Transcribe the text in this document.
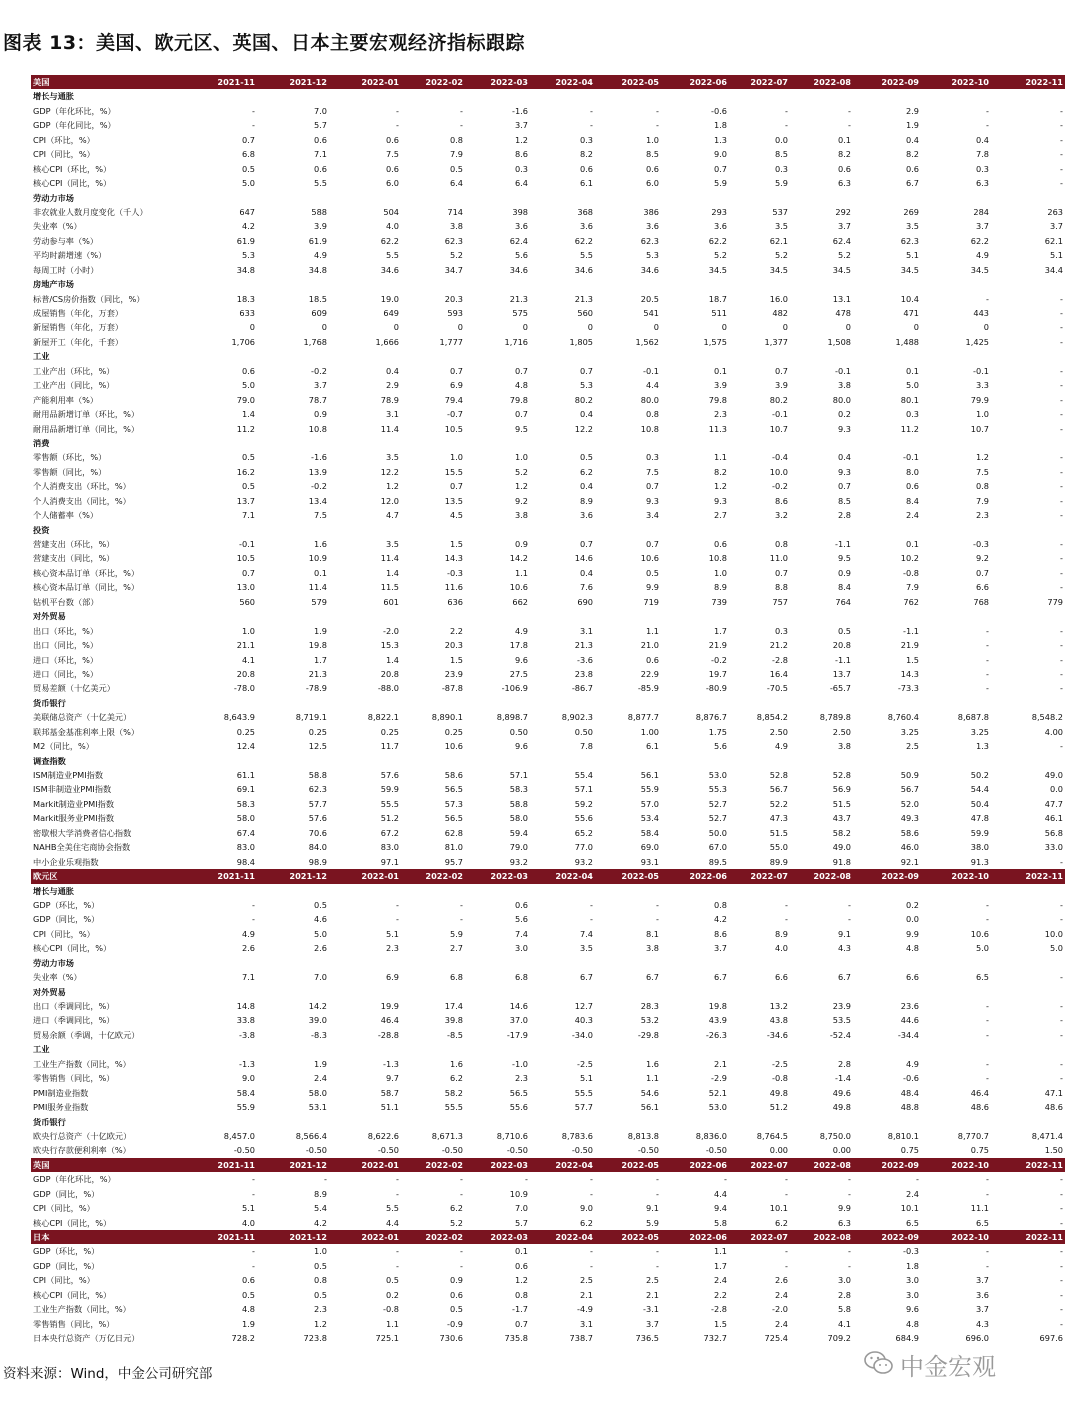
图表 13：美国、欧元区、英国、日本主要宏观经济指标跟踪
美国	2021-11	2021-12	2022-01	2022-02	2022-03	2022-04	2022-05	2022-06	2022-07	2022-08	2022-09	2022-10	2022-11
增长与通胀
GDP（年化环比，%）	-	7.0	-	-	-1.6	-	-	-0.6	-	-	2.9	-	-
GDP（年化同比，%）	-	5.7	-	-	3.7	-	-	1.8	-	-	1.9	-	-
CPI（环比，%）	0.7	0.6	0.6	0.8	1.2	0.3	1.0	1.3	0.0	0.1	0.4	0.4	-
CPI（同比，%）	6.8	7.1	7.5	7.9	8.6	8.2	8.5	9.0	8.5	8.2	8.2	7.8	-
核心CPI（环比，%）	0.5	0.6	0.6	0.5	0.3	0.6	0.6	0.7	0.3	0.6	0.6	0.3	-
核心CPI（同比，%）	5.0	5.5	6.0	6.4	6.4	6.1	6.0	5.9	5.9	6.3	6.7	6.3	-
劳动力市场
非农就业人数月度变化（千人）	647	588	504	714	398	368	386	293	537	292	269	284	263
失业率（%）	4.2	3.9	4.0	3.8	3.6	3.6	3.6	3.6	3.5	3.7	3.5	3.7	3.7
劳动参与率（%）	61.9	61.9	62.2	62.3	62.4	62.2	62.3	62.2	62.1	62.4	62.3	62.2	62.1
平均时薪增速（%）	5.3	4.9	5.5	5.2	5.6	5.5	5.3	5.2	5.2	5.2	5.1	4.9	5.1
每周工时（小时）	34.8	34.8	34.6	34.7	34.6	34.6	34.6	34.5	34.5	34.5	34.5	34.5	34.4
房地产市场
标普/CS房价指数（同比，%）	18.3	18.5	19.0	20.3	21.3	21.3	20.5	18.7	16.0	13.1	10.4	-	-
成屋销售（年化，万套）	633	609	649	593	575	560	541	511	482	478	471	443	-
新屋销售（年化，万套）	0	0	0	0	0	0	0	0	0	0	0	0	-
新屋开工（年化，千套）	1,706	1,768	1,666	1,777	1,716	1,805	1,562	1,575	1,377	1,508	1,488	1,425	-
工业
工业产出（环比，%）	0.6	-0.2	0.4	0.7	0.7	0.7	-0.1	0.1	0.7	-0.1	0.1	-0.1	-
工业产出（同比，%）	5.0	3.7	2.9	6.9	4.8	5.3	4.4	3.9	3.9	3.8	5.0	3.3	-
产能利用率（%）	79.0	78.7	78.9	79.4	79.8	80.2	80.0	79.8	80.2	80.0	80.1	79.9	-
耐用品新增订单（环比，%）	1.4	0.9	3.1	-0.7	0.7	0.4	0.8	2.3	-0.1	0.2	0.3	1.0	-
耐用品新增订单（同比，%）	11.2	10.8	11.4	10.5	9.5	12.2	10.8	11.3	10.7	9.3	11.2	10.7	-
消费
零售额（环比，%）	0.5	-1.6	3.5	1.0	1.0	0.5	0.3	1.1	-0.4	0.4	-0.1	1.2	-
零售额（同比，%）	16.2	13.9	12.2	15.5	5.2	6.2	7.5	8.2	10.0	9.3	8.0	7.5	-
个人消费支出（环比，%）	0.5	-0.2	1.2	0.7	1.2	0.4	0.7	1.2	-0.2	0.7	0.6	0.8	-
个人消费支出（同比，%）	13.7	13.4	12.0	13.5	9.2	8.9	9.3	9.3	8.6	8.5	8.4	7.9	-
个人储蓄率（%）	7.1	7.5	4.7	4.5	3.8	3.6	3.4	2.7	3.2	2.8	2.4	2.3	-
投资
营建支出（环比，%）	-0.1	1.6	3.5	1.5	0.9	0.7	0.7	0.6	0.8	-1.1	0.1	-0.3	-
营建支出（同比，%）	10.5	10.9	11.4	14.3	14.2	14.6	10.6	10.8	11.0	9.5	10.2	9.2	-
核心资本品订单（环比，%）	0.7	0.1	1.4	-0.3	1.1	0.4	0.5	1.0	0.7	0.9	-0.8	0.7	-
核心资本品订单（同比，%）	13.0	11.4	11.5	11.6	10.6	7.6	9.9	8.9	8.8	8.4	7.9	6.6	-
钻机平台数（部）	560	579	601	636	662	690	719	739	757	764	762	768	779
对外贸易
出口（环比，%）	1.0	1.9	-2.0	2.2	4.9	3.1	1.1	1.7	0.3	0.5	-1.1	-	-
出口（同比，%）	21.1	19.8	15.3	20.3	17.8	21.3	21.0	21.9	21.2	20.8	21.9	-	-
进口（环比，%）	4.1	1.7	1.4	1.5	9.6	-3.6	0.6	-0.2	-2.8	-1.1	1.5	-	-
进口（同比，%）	20.8	21.3	20.8	23.9	27.5	23.8	22.9	19.7	16.4	13.7	14.3	-	-
贸易差额（十亿美元）	-78.0	-78.9	-88.0	-87.8	-106.9	-86.7	-85.9	-80.9	-70.5	-65.7	-73.3	-	-
货币银行
美联储总资产（十亿美元）	8,643.9	8,719.1	8,822.1	8,890.1	8,898.7	8,902.3	8,877.7	8,876.7	8,854.2	8,789.8	8,760.4	8,687.8	8,548.2
联邦基金基准利率上限（%）	0.25	0.25	0.25	0.25	0.50	0.50	1.00	1.75	2.50	2.50	3.25	3.25	4.00
M2（同比，%）	12.4	12.5	11.7	10.6	9.6	7.8	6.1	5.6	4.9	3.8	2.5	1.3	-
调查指数
ISM制造业PMI指数	61.1	58.8	57.6	58.6	57.1	55.4	56.1	53.0	52.8	52.8	50.9	50.2	49.0
ISM非制造业PMI指数	69.1	62.3	59.9	56.5	58.3	57.1	55.9	55.3	56.7	56.9	56.7	54.4	0.0
Markit制造业PMI指数	58.3	57.7	55.5	57.3	58.8	59.2	57.0	52.7	52.2	51.5	52.0	50.4	47.7
Markit服务业PMI指数	58.0	57.6	51.2	56.5	58.0	55.6	53.4	52.7	47.3	43.7	49.3	47.8	46.1
密歇根大学消费者信心指数	67.4	70.6	67.2	62.8	59.4	65.2	58.4	50.0	51.5	58.2	58.6	59.9	56.8
NAHB全美住宅商协会指数	83.0	84.0	83.0	81.0	79.0	77.0	69.0	67.0	55.0	49.0	46.0	38.0	33.0
中小企业乐观指数	98.4	98.9	97.1	95.7	93.2	93.2	93.1	89.5	89.9	91.8	92.1	91.3	-
欧元区	2021-11	2021-12	2022-01	2022-02	2022-03	2022-04	2022-05	2022-06	2022-07	2022-08	2022-09	2022-10	2022-11
增长与通胀
GDP（环比，%）	-	0.5	-	-	0.6	-	-	0.8	-	-	0.2	-	-
GDP（同比，%）	-	4.6	-	-	5.6	-	-	4.2	-	-	0.0	-	-
CPI（同比，%）	4.9	5.0	5.1	5.9	7.4	7.4	8.1	8.6	8.9	9.1	9.9	10.6	10.0
核心CPI（同比，%）	2.6	2.6	2.3	2.7	3.0	3.5	3.8	3.7	4.0	4.3	4.8	5.0	5.0
劳动力市场
失业率（%）	7.1	7.0	6.9	6.8	6.8	6.7	6.7	6.7	6.6	6.7	6.6	6.5	-
对外贸易
出口（季调同比，%）	14.8	14.2	19.9	17.4	14.6	12.7	28.3	19.8	13.2	23.9	23.6	-	-
进口（季调同比，%）	33.8	39.0	46.4	39.8	37.0	40.3	53.2	43.9	43.8	53.5	44.6	-	-
贸易余额（季调，十亿欧元）	-3.8	-8.3	-28.8	-8.5	-17.9	-34.0	-29.8	-26.3	-34.6	-52.4	-34.4	-	-
工业
工业生产指数（同比，%）	-1.3	1.9	-1.3	1.6	-1.0	-2.5	1.6	2.1	-2.5	2.8	4.9	-	-
零售销售（同比，%）	9.0	2.4	9.7	6.2	2.3	5.1	1.1	-2.9	-0.8	-1.4	-0.6	-	-
PMI制造业指数	58.4	58.0	58.7	58.2	56.5	55.5	54.6	52.1	49.8	49.6	48.4	46.4	47.1
PMI服务业指数	55.9	53.1	51.1	55.5	55.6	57.7	56.1	53.0	51.2	49.8	48.8	48.6	48.6
货币银行
欧央行总资产（十亿欧元）	8,457.0	8,566.4	8,622.6	8,671.3	8,710.6	8,783.6	8,813.8	8,836.0	8,764.5	8,750.0	8,810.1	8,770.7	8,471.4
欧央行存款便利利率（%）	-0.50	-0.50	-0.50	-0.50	-0.50	-0.50	-0.50	-0.50	0.00	0.00	0.75	0.75	1.50
英国	2021-11	2021-12	2022-01	2022-02	2022-03	2022-04	2022-05	2022-06	2022-07	2022-08	2022-09	2022-10	2022-11
GDP（年化环比，%）	-	-	-	-	-	-	-	-	-	-	-	-	-
GDP（同比，%）	-	8.9	-	-	10.9	-	-	4.4	-	-	2.4	-	-
CPI（同比，%）	5.1	5.4	5.5	6.2	7.0	9.0	9.1	9.4	10.1	9.9	10.1	11.1	-
核心CPI（同比，%）	4.0	4.2	4.4	5.2	5.7	6.2	5.9	5.8	6.2	6.3	6.5	6.5	-
日本	2021-11	2021-12	2022-01	2022-02	2022-03	2022-04	2022-05	2022-06	2022-07	2022-08	2022-09	2022-10	2022-11
GDP（环比，%）	-	1.0	-	-	0.1	-	-	1.1	-	-	-0.3	-	-
GDP（同比，%）	-	0.5	-	-	0.6	-	-	1.7	-	-	1.8	-	-
CPI（同比，%）	0.6	0.8	0.5	0.9	1.2	2.5	2.5	2.4	2.6	3.0	3.0	3.7	-
核心CPI（同比，%）	0.5	0.5	0.2	0.6	0.8	2.1	2.1	2.2	2.4	2.8	3.0	3.6	-
工业生产指数（同比，%）	4.8	2.3	-0.8	0.5	-1.7	-4.9	-3.1	-2.8	-2.0	5.8	9.6	3.7	-
零售销售（同比，%）	1.9	1.2	1.1	-0.9	0.7	3.1	3.7	1.5	2.4	4.1	4.8	4.3	-
日本央行总资产（万亿日元）	728.2	723.8	725.1	730.6	735.8	738.7	736.5	732.7	725.4	709.2	684.9	696.0	697.6
资料来源：Wind，中金公司研究部	中金宏观
